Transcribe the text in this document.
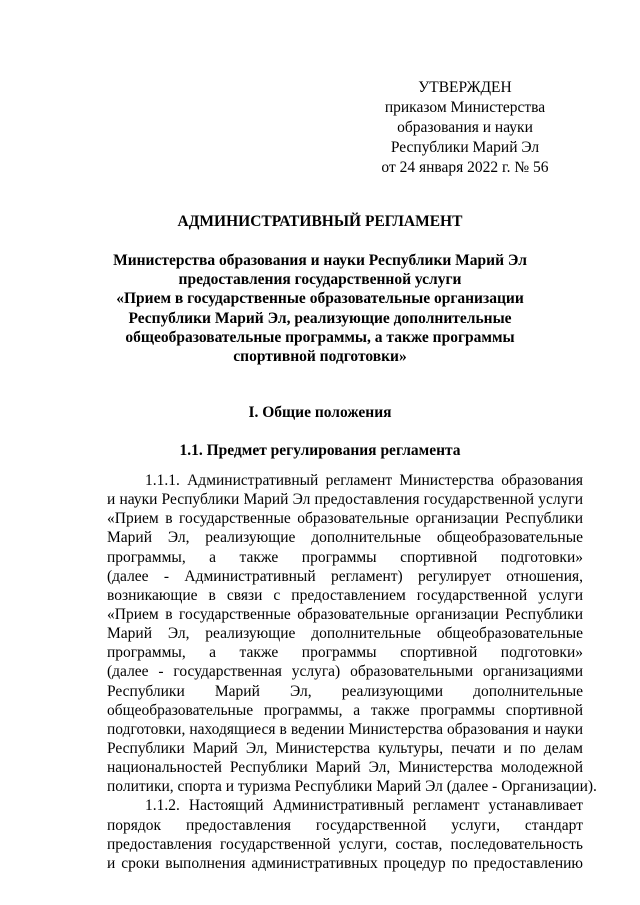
УТВЕРЖДЕН
приказом Министерства
образования и науки
Республики Марий Эл
от 24 января 2022 г. № 56
АДМИНИСТРАТИВНЫЙ РЕГЛАМЕНТ
Министерства образования и науки Республики Марий Эл
предоставления государственной услуги
«Прием в государственные образовательные организации
Республики Марий Эл, реализующие дополнительные
общеобразовательные программы, а также программы
спортивной подготовки»
I. Общие положения
1.1. Предмет регулирования регламента
1.1.1. Административный регламент Министерства образования
и науки Республики Марий Эл предоставления государственной услуги
«Прием в государственные образовательные организации Республики
Марий Эл, реализующие дополнительные общеобразовательные
программы, а также программы спортивной подготовки»
(далее - Административный регламент) регулирует отношения,
возникающие в связи с предоставлением государственной услуги
«Прием в государственные образовательные организации Республики
Марий Эл, реализующие дополнительные общеобразовательные
программы, а также программы спортивной подготовки»
(далее - государственная услуга) образовательными организациями
Республики Марий Эл, реализующими дополнительные
общеобразовательные программы, а также программы спортивной
подготовки, находящиеся в ведении Министерства образования и науки
Республики Марий Эл, Министерства культуры, печати и по делам
национальностей Республики Марий Эл, Министерства молодежной
политики, спорта и туризма Республики Марий Эл (далее - Организации).
1.1.2. Настоящий Административный регламент устанавливает
порядок предоставления государственной услуги, стандарт
предоставления государственной услуги, состав, последовательность
и сроки выполнения административных процедур по предоставлению
